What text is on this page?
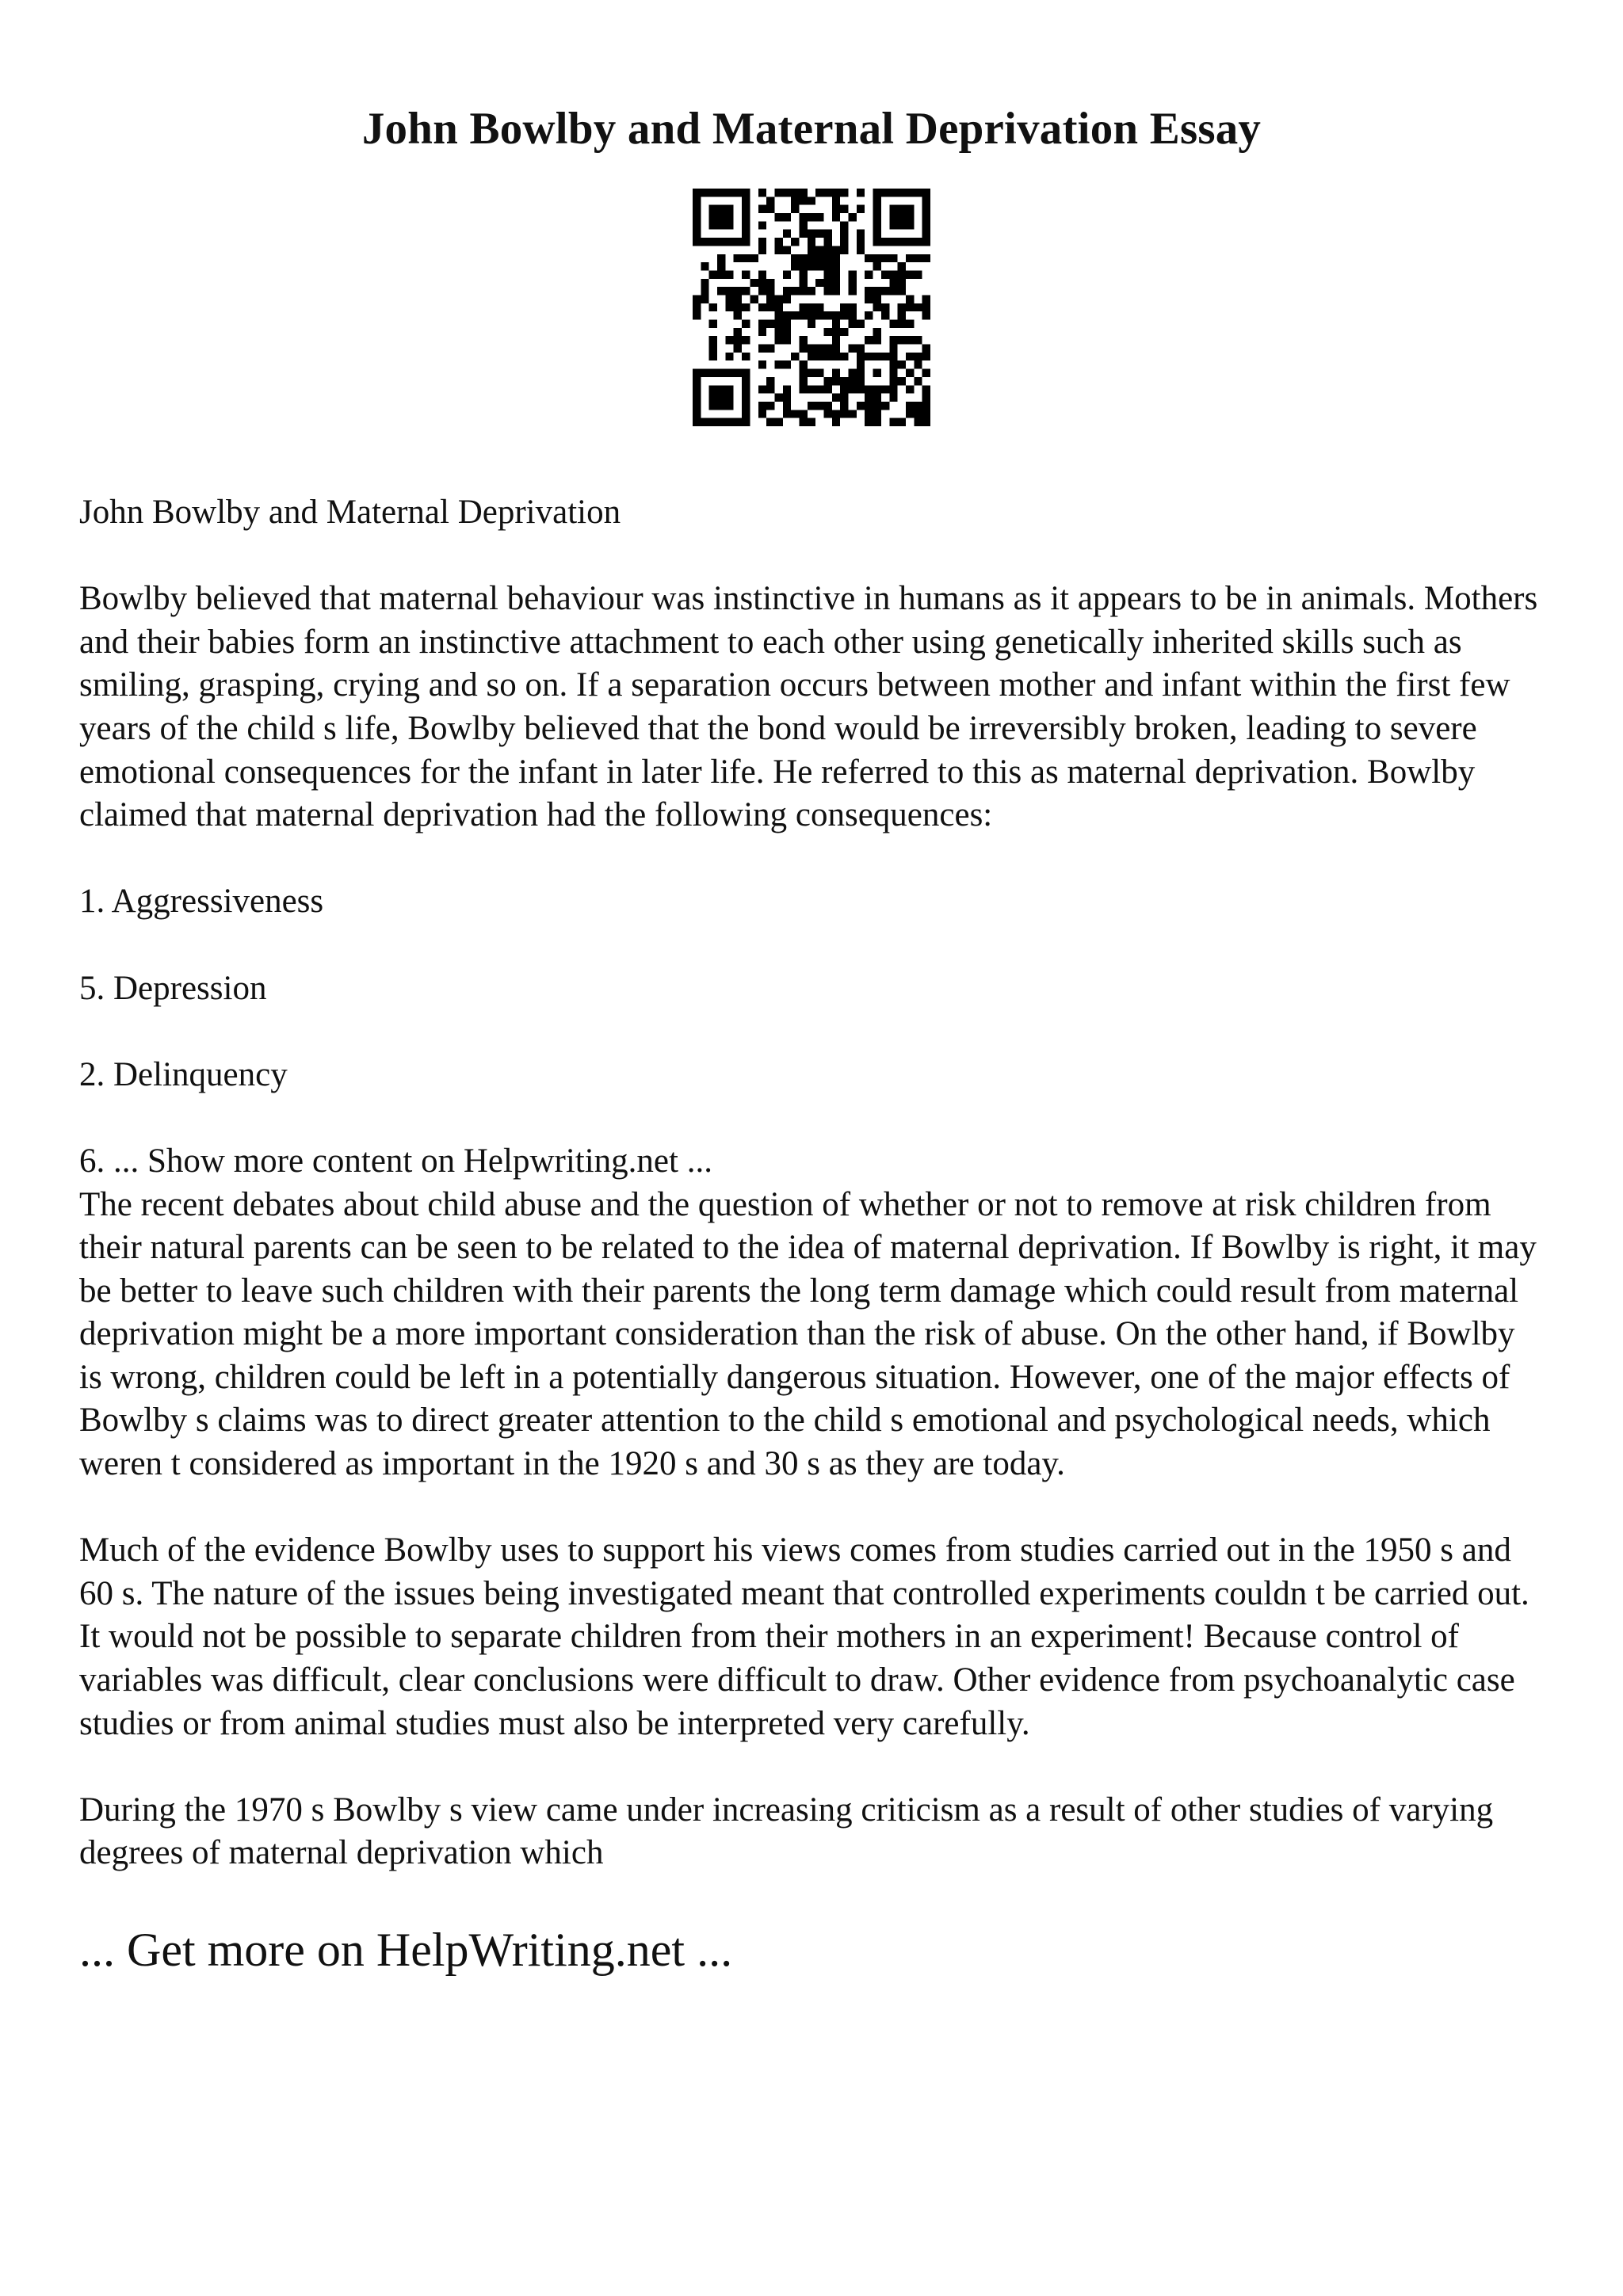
John Bowlby and Maternal Deprivation Essay

John Bowlby and Maternal Deprivation

Bowlby believed that maternal behaviour was instinctive in humans as it appears to be in animals. Mothers and their babies form an instinctive attachment to each other using genetically inherited skills such as smiling, grasping, crying and so on. If a separation occurs between mother and infant within the first few years of the child s life, Bowlby believed that the bond would be irreversibly broken, leading to severe emotional consequences for the infant in later life. He referred to this as maternal deprivation. Bowlby claimed that maternal deprivation had the following consequences:

1. Aggressiveness

5. Depression

2. Delinquency

6. ... Show more content on Helpwriting.net ...

The recent debates about child abuse and the question of whether or not to remove at risk children from their natural parents can be seen to be related to the idea of maternal deprivation. If Bowlby is right, it may be better to leave such children with their parents the long term damage which could result from maternal deprivation might be a more important consideration than the risk of abuse. On the other hand, if Bowlby is wrong, children could be left in a potentially dangerous situation. However, one of the major effects of Bowlby s claims was to direct greater attention to the child s emotional and psychological needs, which weren t considered as important in the 1920 s and 30 s as they are today.

Much of the evidence Bowlby uses to support his views comes from studies carried out in the 1950 s and 60 s. The nature of the issues being investigated meant that controlled experiments couldn t be carried out. It would not be possible to separate children from their mothers in an experiment! Because control of variables was difficult, clear conclusions were difficult to draw. Other evidence from psychoanalytic case studies or from animal studies must also be interpreted very carefully.

During the 1970 s Bowlby s view came under increasing criticism as a result of other studies of varying degrees of maternal deprivation which

... Get more on HelpWriting.net ...
